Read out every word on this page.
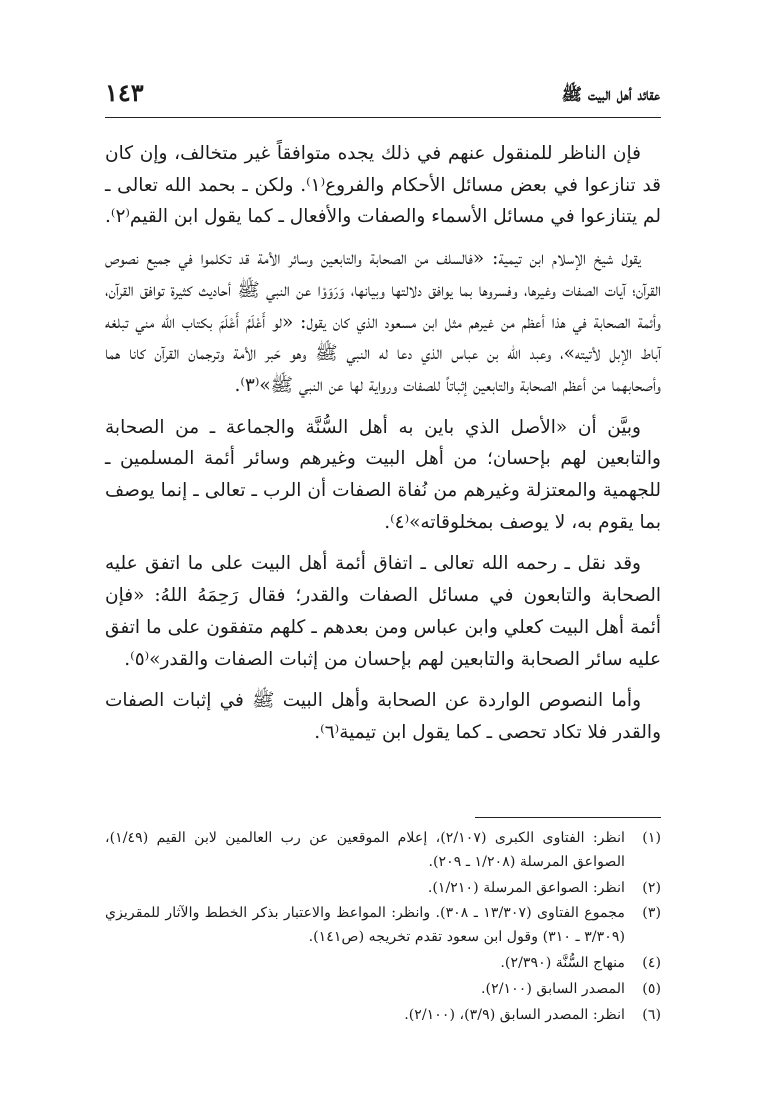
عقائد أهل البيت ﷺ
١٤٣

فإن الناظر للمنقول عنهم في ذلك يجده متوافقاً غير متخالف، وإن كان قد تنازعوا في بعض مسائل الأحكام والفروع⁽١⁾. ولكن ـ بحمد الله تعالى ـ لم يتنازعوا في مسائل الأسماء والصفات والأفعال ـ كما يقول ابن القيم⁽٢⁾.

يقول شيخ الإسلام ابن تيمية: «فالسلف من الصحابة والتابعين وسائر الأمة قد تكلموا في جميع نصوص القرآن؛ آيات الصفات وغيرها، وفسروها بما يوافق دلالتها وبيانها، وَرَوَوْا عن النبي ﷺ أحاديث كثيرة توافق القرآن، وأئمة الصحابة في هذا أعظم من غيرهم مثل ابن مسعود الذي كان يقول: «لو أَعْلَمُ أَعْلَمَ بكتاب الله مني تبلغه آباط الإبل لأتيته»، وعبد الله بن عباس الذي دعا له النبي ﷺ وهو حَبر الأمة وترجمان القرآن كانا هما وأصحابهما من أعظم الصحابة والتابعين إثباتاً للصفات ورواية لها عن النبي ﷺ»⁽٣⁾.

وبيَّن أن «الأصل الذي باين به أهل السُّنَّة والجماعة ـ من الصحابة والتابعين لهم بإحسان؛ من أهل البيت وغيرهم وسائر أئمة المسلمين ـ للجهمية والمعتزلة وغيرهم من نُفاة الصفات أن الرب ـ تعالى ـ إنما يوصف بما يقوم به، لا يوصف بمخلوقاته»⁽٤⁾.

وقد نقل ـ رحمه الله تعالى ـ اتفاق أئمة أهل البيت على ما اتفق عليه الصحابة والتابعون في مسائل الصفات والقدر؛ فقال رَحِمَهُ اللهُ: «فإن أئمة أهل البيت كعلي وابن عباس ومن بعدهم ـ كلهم متفقون على ما اتفق عليه سائر الصحابة والتابعين لهم بإحسان من إثبات الصفات والقدر»⁽٥⁾.

وأما النصوص الواردة عن الصحابة وأهل البيت ﷺ في إثبات الصفات والقدر فلا تكاد تحصى ـ كما يقول ابن تيمية⁽٦⁾.

(١)
انظر: الفتاوى الكبرى (٢/١٠٧)، إعلام الموقعين عن رب العالمين لابن القيم (١/٤٩)، الصواعق المرسلة (١/٢٠٨ ـ ٢٠٩).
(٢)
انظر: الصواعق المرسلة (١/٢١٠).
(٣)
مجموع الفتاوى (١٣/٣٠٧ ـ ٣٠٨). وانظر: المواعظ والاعتبار بذكر الخطط والآثار للمقريزي (٣/٣٠٩ ـ ٣١٠) وقول ابن سعود تقدم تخريجه (ص١٤١).
(٤)
منهاج السُّنَّة (٢/٣٩٠).
(٥)
المصدر السابق (٢/١٠٠).
(٦)
انظر: المصدر السابق (٣/٩)، (٢/١٠٠).
